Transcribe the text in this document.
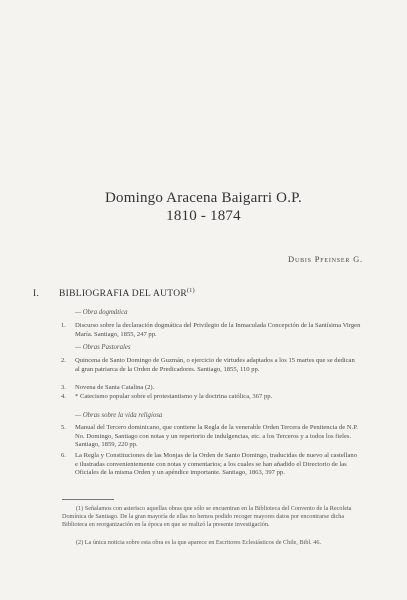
Domingo Aracena Baigarri O.P.
1810 - 1874
Dubis Pfeinser G.
I. BIBLIOGRAFIA DEL AUTOR$^{(1)}$
— Obra dogmática
1.	Discurso sobre la declaración dogmática del Privilegio de la Inmaculada Concepción de la Santísima Virgen María. Santiago, 1855, 247 pp.
— Obras Pastorales
2.	Quincena de Santo Domingo de Guzmán, o ejercicio de virtudes adaptados a los 15 martes que se dedican al gran patriarca de la Orden de Predicadores. Santiago, 1855, 110 pp.
3.	Novena de Santa Catalina (2).
4.	* Catecismo popular sobre el protestantismo y la doctrina católica, 367 pp.
— Obras sobre la vida religiosa
5.	Manual del Tercero dominicano, que contiene la Regla de la venerable Orden Tercera de Penitencia de N.P. No. Domingo, Santiago con notas y un repertorio de indulgencias, etc. a los Terceros y a todos los fieles. Santiago, 1859, 220 pp.
6.	La Regla y Constituciones de las Monjas de la Orden de Santo Domingo, traducidas de nuevo al castellano e ilustradas convenientemente con notas y comentarios; a los cuales se han añadido el Directorio de las Oficiales de la misma Orden y un apéndice importante. Santiago, 1863, 397 pp.
(1) Señalamos con asterisco aquellas obras que sólo se encuentran en la Biblioteca del Convento de la Recoleta Domínica de Santiago. De la gran mayoría de ellas no hemos podido recoger mayores datos por encontrarse dicha Biblioteca en reorganización en la época en que se realizó la presente investigación.
(2) La única noticia sobre esta obra es la que aparece en Escritores Eclesiásticos de Chile, Bibl. 46.
